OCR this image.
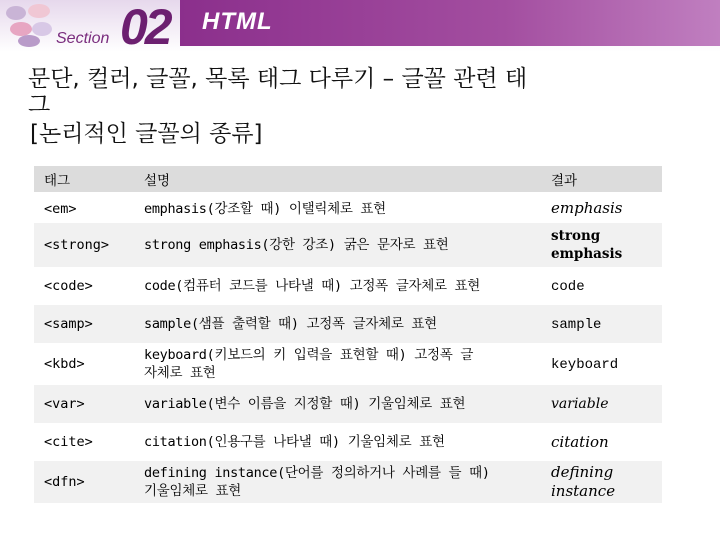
Section 02 HTML
문단, 컬러, 글꼴, 목록 태그 다루기 – 글꼴 관련 태
그
[논리적인 글꼴의 종류]
태그	설명	결과
<em>	emphasis(강조할 때) 이탤릭체로 표현	emphasis
<strong>	strong emphasis(강한 강조) 굵은 문자로 표현	strong
emphasis
<code>	code(컴퓨터 코드를 나타낼 때) 고정폭 글자체로 표현	code
<samp>	sample(샘플 출력할 때) 고정폭 글자체로 표현	sample
<kbd>	keyboard(키보드의 키 입력을 표현할 때) 고정폭 글
자체로 표현	keyboard
<var>	variable(변수 이름을 지정할 때) 기울임체로 표현	variable
<cite>	citation(인용구를 나타낼 때) 기울임체로 표현	citation
<dfn>	defining instance(단어를 정의하거나 사례를 들 때)
기울임체로 표현	defining
instance
